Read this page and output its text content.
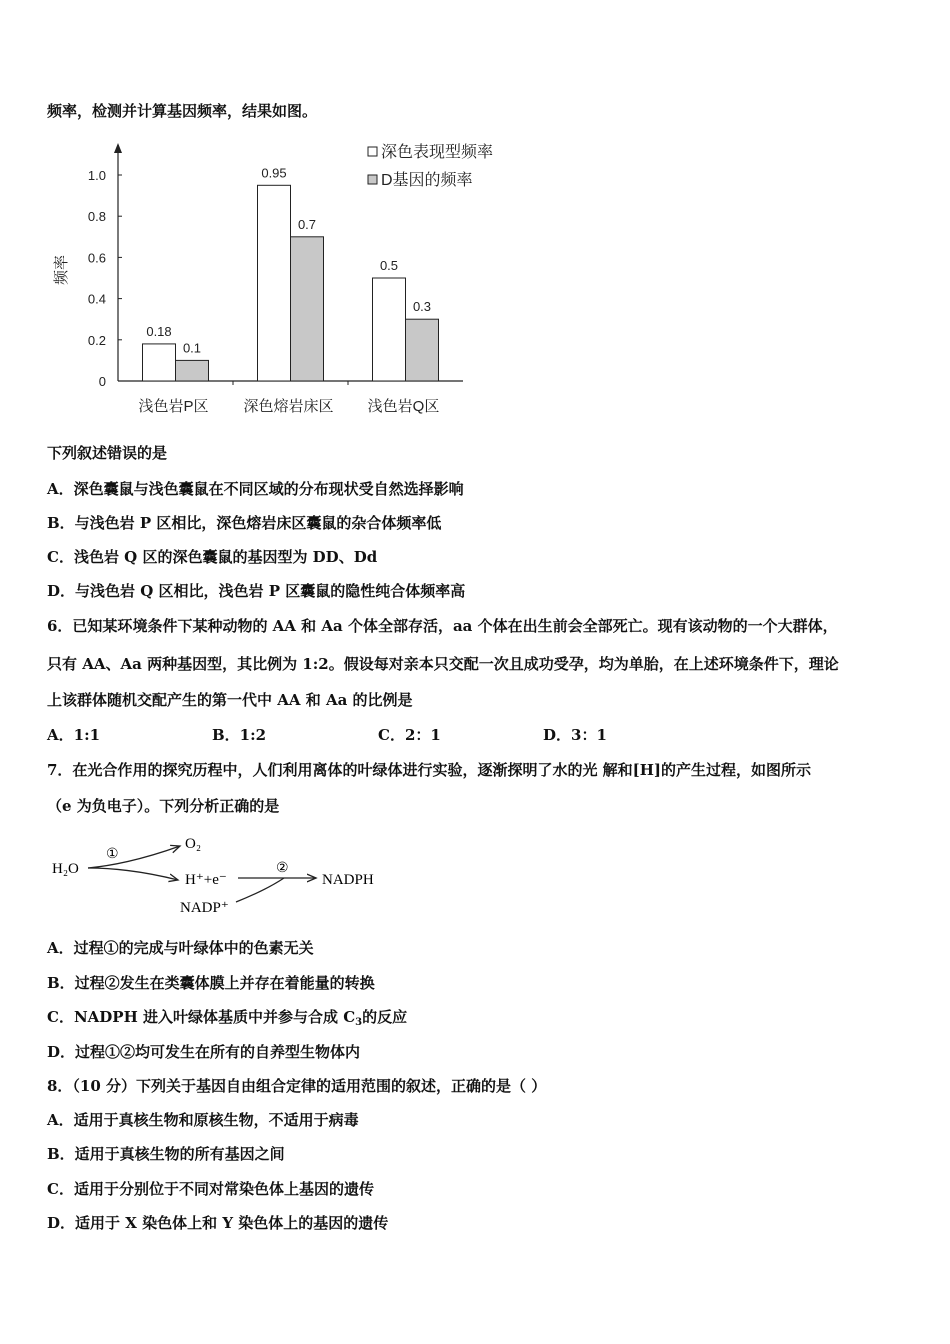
频率，检测并计算基因频率，结果如图。
0
0.2
0.4
0.6
0.8
1.0
频率
0.18
0.1
浅色岩P区
0.95
0.7
深色熔岩床区
0.5
0.3
浅色岩Q区
深色表现型频率
D基因的频率
下列叙述错误的是
A．深色囊鼠与浅色囊鼠在不同区域的分布现状受自然选择影响
B．与浅色岩 P 区相比，深色熔岩床区囊鼠的杂合体频率低
C．浅色岩 Q 区的深色囊鼠的基因型为 DD、Dd
D．与浅色岩 Q 区相比，浅色岩 P 区囊鼠的隐性纯合体频率高
6．已知某环境条件下某种动物的 AA 和 Aa 个体全部存活，aa 个体在出生前会全部死亡。现有该动物的一个大群体，
只有 AA、Aa 两种基因型，其比例为 1:2。假设每对亲本只交配一次且成功受孕，均为单胎，在上述环境条件下，理论
上该群体随机交配产生的第一代中 AA 和 Aa 的比例是
A．1:1	B．1:2	C．2：1	D．3：1
7．在光合作用的探究历程中，人们利用离体的叶绿体进行实验，逐渐探明了水的光 解和[H]的产生过程，如图所示
（e 为负电子）。下列分析正确的是
H₂O
①
O₂
H⁺+e⁻
NADP⁺
②
NADPH
A．过程①的完成与叶绿体中的色素无关
B．过程②发生在类囊体膜上并存在着能量的转换
C．NADPH 进入叶绿体基质中并参与合成 $C_3$的反应
D．过程①②均可发生在所有的自养型生物体内
8．（10 分）下列关于基因自由组合定律的适用范围的叙述，正确的是（ ）
A．适用于真核生物和原核生物，不适用于病毒
B．适用于真核生物的所有基因之间
C．适用于分别位于不同对常染色体上基因的遗传
D．适用于 X 染色体上和 Y 染色体上的基因的遗传
